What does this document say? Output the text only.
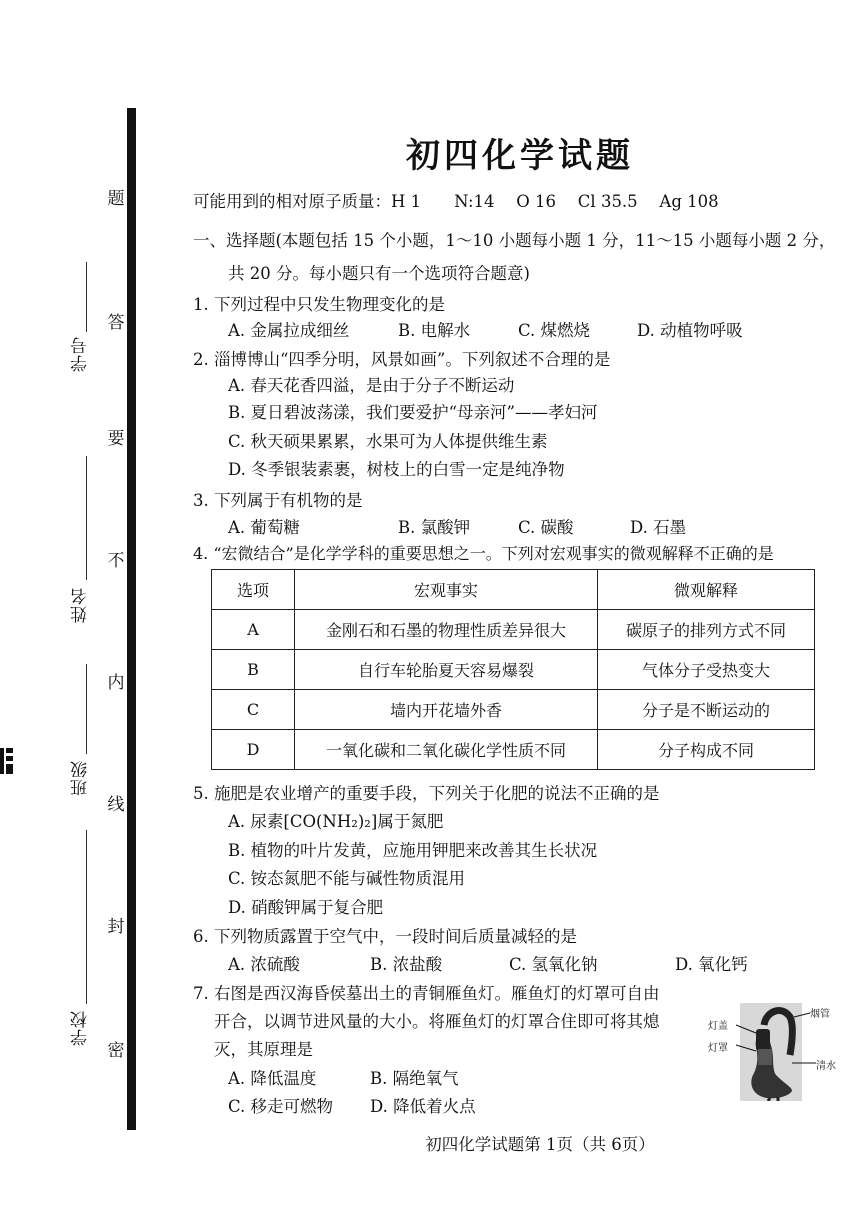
学号
姓名
班级
学校
题
答
要
不
内
线
封
密
初四化学试题
可能用到的相对原子质量：H 1　　N:14　 O 16　 Cl 35.5　 Ag 108
一、选择题(本题包括 15 个小题，1～10 小题每小题 1 分，11～15 小题每小题 2 分，
共 20 分。每小题只有一个选项符合题意)
1. 下列过程中只发生物理变化的是
A. 金属拉成细丝	B. 电解水	C. 煤燃烧	D. 动植物呼吸
2. 淄博博山“四季分明，风景如画”。下列叙述不合理的是
A. 春天花香四溢，是由于分子不断运动
B. 夏日碧波荡漾，我们要爱护“母亲河”——孝妇河
C. 秋天硕果累累，水果可为人体提供维生素
D. 冬季银装素裹，树枝上的白雪一定是纯净物
3. 下列属于有机物的是
A. 葡萄糖	B. 氯酸钾	C. 碳酸	D. 石墨
4. “宏微结合”是化学学科的重要思想之一。下列对宏观事实的微观解释不正确的是
选项	宏观事实	微观解释
A	金刚石和石墨的物理性质差异很大	碳原子的排列方式不同
B	自行车轮胎夏天容易爆裂	气体分子受热变大
C	墙内开花墙外香	分子是不断运动的
D	一氧化碳和二氧化碳化学性质不同	分子构成不同
5. 施肥是农业增产的重要手段，下列关于化肥的说法不正确的是
A. 尿素[CO(NH₂)₂]属于氮肥
B. 植物的叶片发黄，应施用钾肥来改善其生长状况
C. 铵态氮肥不能与碱性物质混用
D. 硝酸钾属于复合肥
6. 下列物质露置于空气中，一段时间后质量减轻的是
A. 浓硫酸	B. 浓盐酸	C. 氢氧化钠	D. 氧化钙
7. 右图是西汉海昏侯墓出土的青铜雁鱼灯。雁鱼灯的灯罩可自由
开合，以调节进风量的大小。将雁鱼灯的灯罩合住即可将其熄
灭，其原理是
A. 降低温度	B. 隔绝氧气
C. 移走可燃物 D. 降低着火点
灯盖
灯罩
烟管
清水
初四化学试题第 1页（共 6页）
